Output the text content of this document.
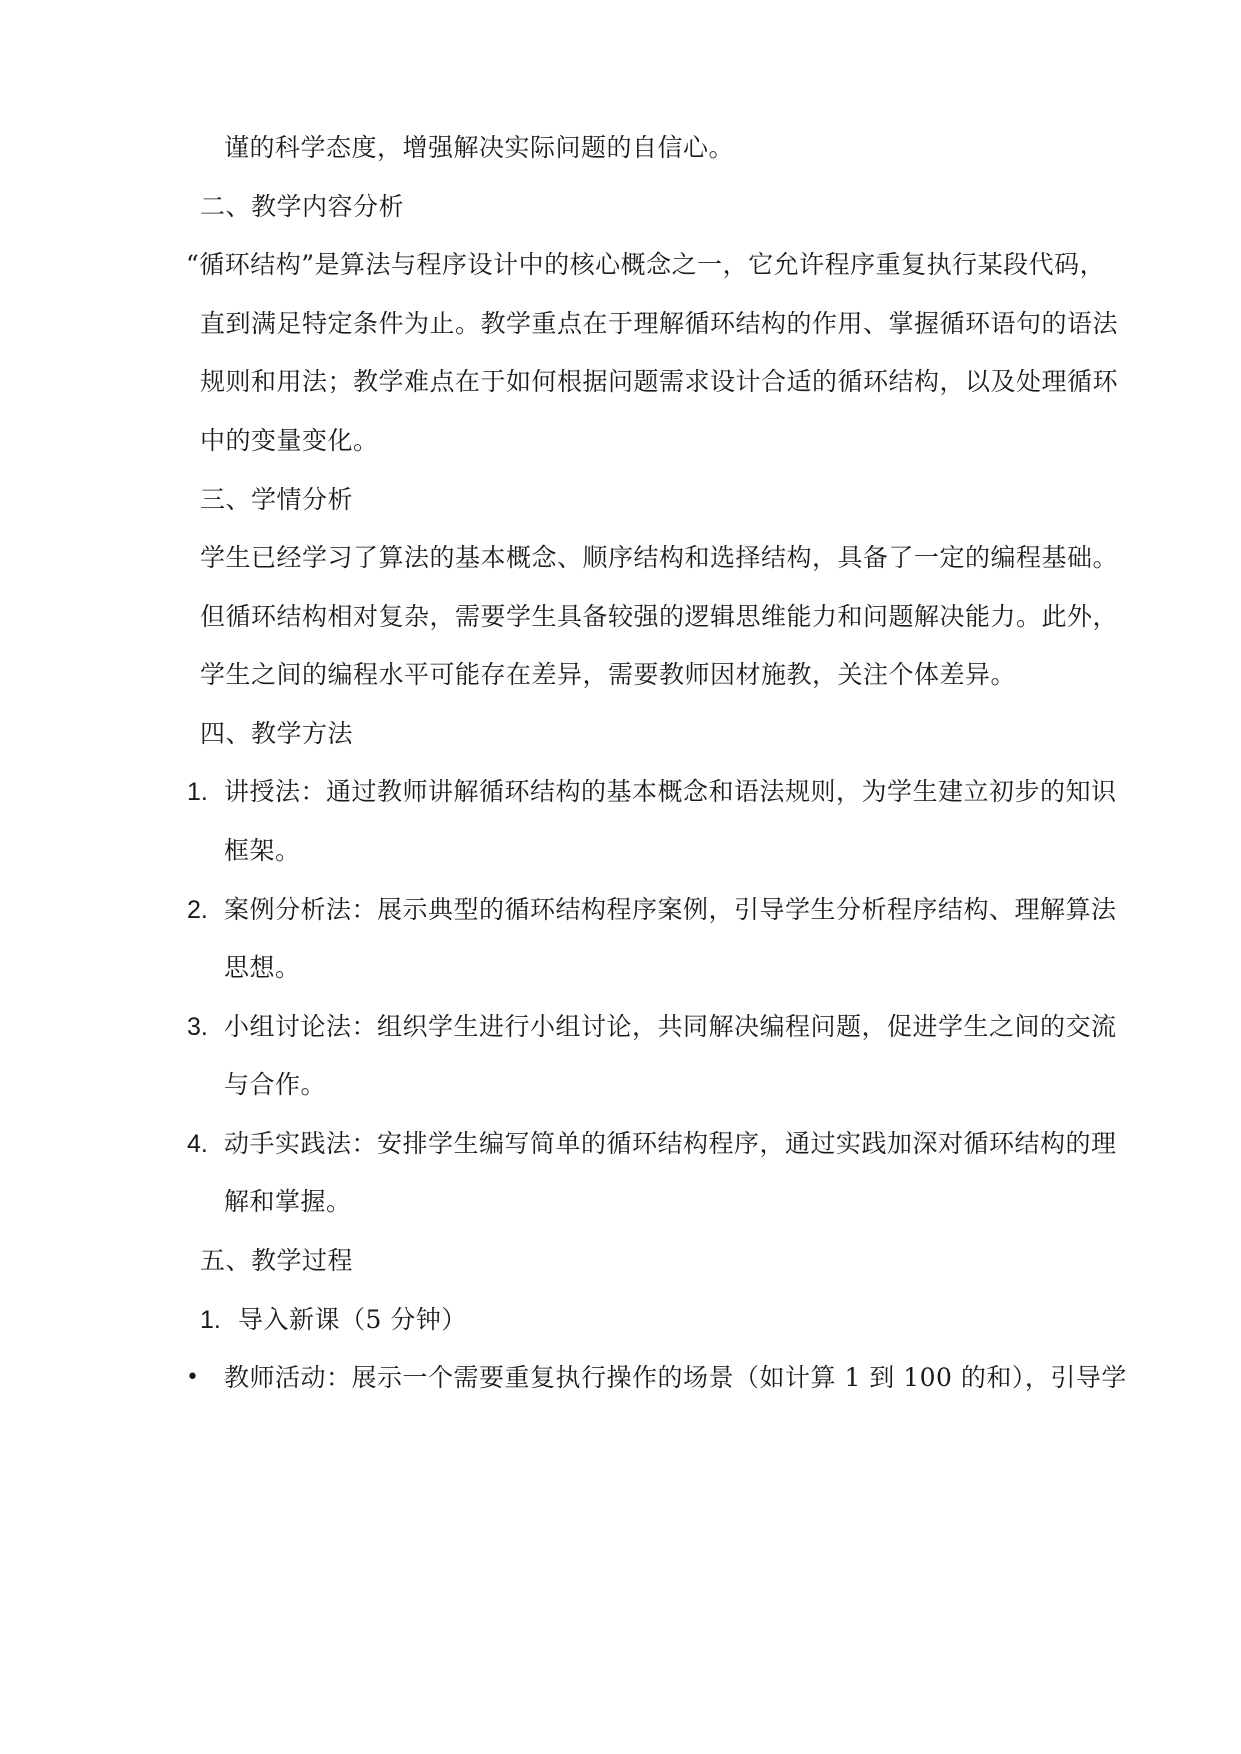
谨的科学态度，增强解决实际问题的自信心。
二、教学内容分析
“循环结构”是算法与程序设计中的核心概念之一，它允许程序重复执行某段代码，
直到满足特定条件为止。教学重点在于理解循环结构的作用、掌握循环语句的语法
规则和用法；教学难点在于如何根据问题需求设计合适的循环结构，以及处理循环
中的变量变化。
三、学情分析
学生已经学习了算法的基本概念、顺序结构和选择结构，具备了一定的编程基础。
但循环结构相对复杂，需要学生具备较强的逻辑思维能力和问题解决能力。此外，
学生之间的编程水平可能存在差异，需要教师因材施教，关注个体差异。
四、教学方法
1. 讲授法：通过教师讲解循环结构的基本概念和语法规则，为学生建立初步的知识
框架。
2. 案例分析法：展示典型的循环结构程序案例，引导学生分析程序结构、理解算法
思想。
3. 小组讨论法：组织学生进行小组讨论，共同解决编程问题，促进学生之间的交流
与合作。
4. 动手实践法：安排学生编写简单的循环结构程序，通过实践加深对循环结构的理
解和掌握。
五、教学过程
1. 导入新课（5 分钟）
• 教师活动：展示一个需要重复执行操作的场景（如计算 1 到 100 的和），引导学
